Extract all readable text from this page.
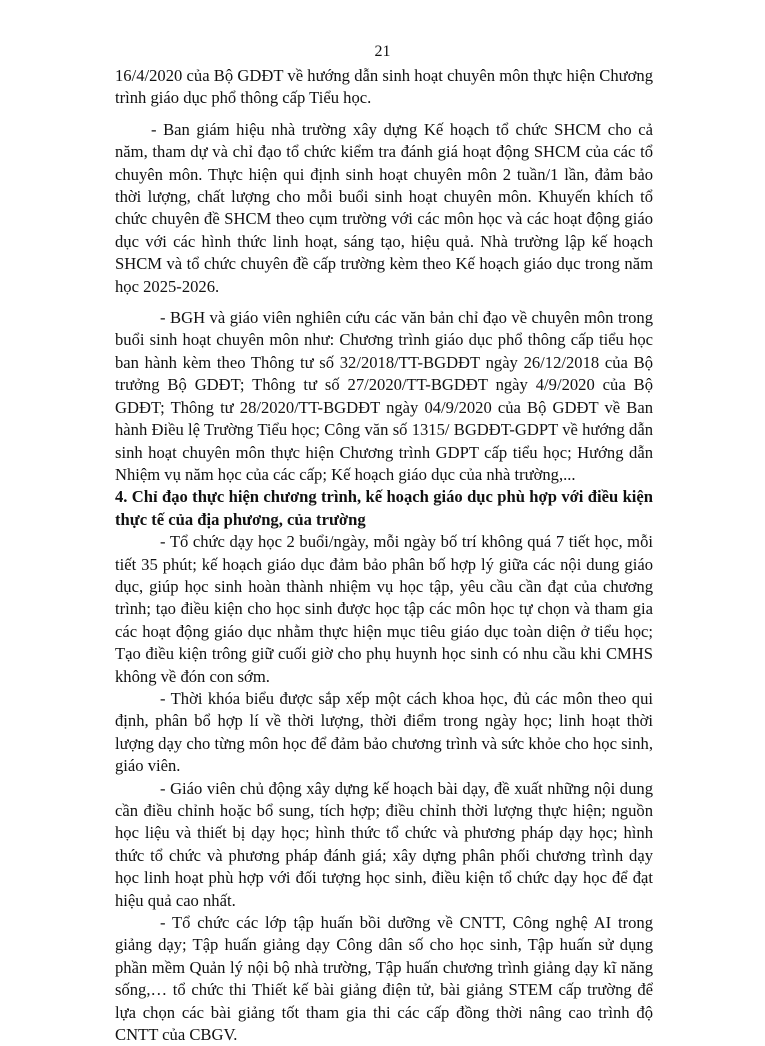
21

16/4/2020 của Bộ GDĐT về hướng dẫn sinh hoạt chuyên môn thực hiện Chương trình giáo dục phổ thông cấp Tiểu học.

- Ban giám hiệu nhà trường xây dựng Kế hoạch tổ chức SHCM cho cả năm, tham dự và chỉ đạo tổ chức kiểm tra đánh giá hoạt động SHCM của các tổ chuyên môn. Thực hiện qui định sinh hoạt chuyên môn 2 tuần/1 lần, đảm bảo thời lượng, chất lượng cho mỗi buổi sinh hoạt chuyên môn. Khuyến khích tổ chức chuyên đề SHCM theo cụm trường với các môn học và các hoạt động giáo dục với các hình thức linh hoạt, sáng tạo, hiệu quả. Nhà trường lập kế hoạch SHCM và tổ chức chuyên đề cấp trường kèm theo Kế hoạch giáo dục trong năm học 2025-2026.

- BGH và giáo viên nghiên cứu các văn bản chỉ đạo về chuyên môn trong buổi sinh hoạt chuyên môn như: Chương trình giáo dục phổ thông cấp tiểu học ban hành kèm theo Thông tư số 32/2018/TT-BGDĐT ngày 26/12/2018 của Bộ trưởng Bộ GDĐT; Thông tư số 27/2020/TT-BGDĐT ngày 4/9/2020 của Bộ GDĐT; Thông tư 28/2020/TT-BGDĐT ngày 04/9/2020 của Bộ GDĐT về Ban hành Điều lệ Trường Tiểu học; Công văn số 1315/ BGDĐT-GDPT về hướng dẫn sinh hoạt chuyên môn thực hiện Chương trình GDPT cấp tiểu học; Hướng dẫn Nhiệm vụ năm học của các cấp; Kế hoạch giáo dục của nhà trường,...

4. Chỉ đạo thực hiện chương trình, kế hoạch giáo dục phù hợp với điều kiện thực tế của địa phương, của trường

- Tổ chức dạy học 2 buổi/ngày, mỗi ngày bố trí không quá 7 tiết học, mỗi tiết 35 phút; kế hoạch giáo dục đảm bảo phân bố hợp lý giữa các nội dung giáo dục, giúp học sinh hoàn thành nhiệm vụ học tập, yêu cầu cần đạt của chương trình; tạo điều kiện cho học sinh được học tập các môn học tự chọn và tham gia các hoạt động giáo dục nhằm thực hiện mục tiêu giáo dục toàn diện ở tiểu học; Tạo điều kiện trông giữ cuối giờ cho phụ huynh học sinh có nhu cầu khi CMHS không về đón con sớm.

- Thời khóa biểu được sắp xếp một cách khoa học, đủ các môn theo qui định, phân bổ hợp lí về thời lượng, thời điểm trong ngày học; linh hoạt thời lượng dạy cho từng môn học để đảm bảo chương trình và sức khỏe cho học sinh, giáo viên.

- Giáo viên chủ động xây dựng kế hoạch bài dạy, đề xuất những nội dung cần điều chỉnh hoặc bổ sung, tích hợp; điều chỉnh thời lượng thực hiện; nguồn học liệu và thiết bị dạy học; hình thức tổ chức và phương pháp dạy học; hình thức tổ chức và phương pháp đánh giá; xây dựng phân phối chương trình dạy học linh hoạt phù hợp với đối tượng học sinh, điều kiện tổ chức dạy học để đạt hiệu quả cao nhất.

- Tổ chức các lớp tập huấn bồi dưỡng về CNTT, Công nghệ AI trong giảng dạy; Tập huấn giảng dạy Công dân số cho học sinh, Tập huấn sử dụng phần mềm Quản lý nội bộ nhà trường, Tập huấn chương trình giảng dạy kĩ năng sống,… tổ chức thi Thiết kế bài giảng điện tử, bài giảng STEM cấp trường để lựa chọn các bài giảng tốt tham gia thi các cấp đồng thời nâng cao trình độ CNTT của CBGV.
